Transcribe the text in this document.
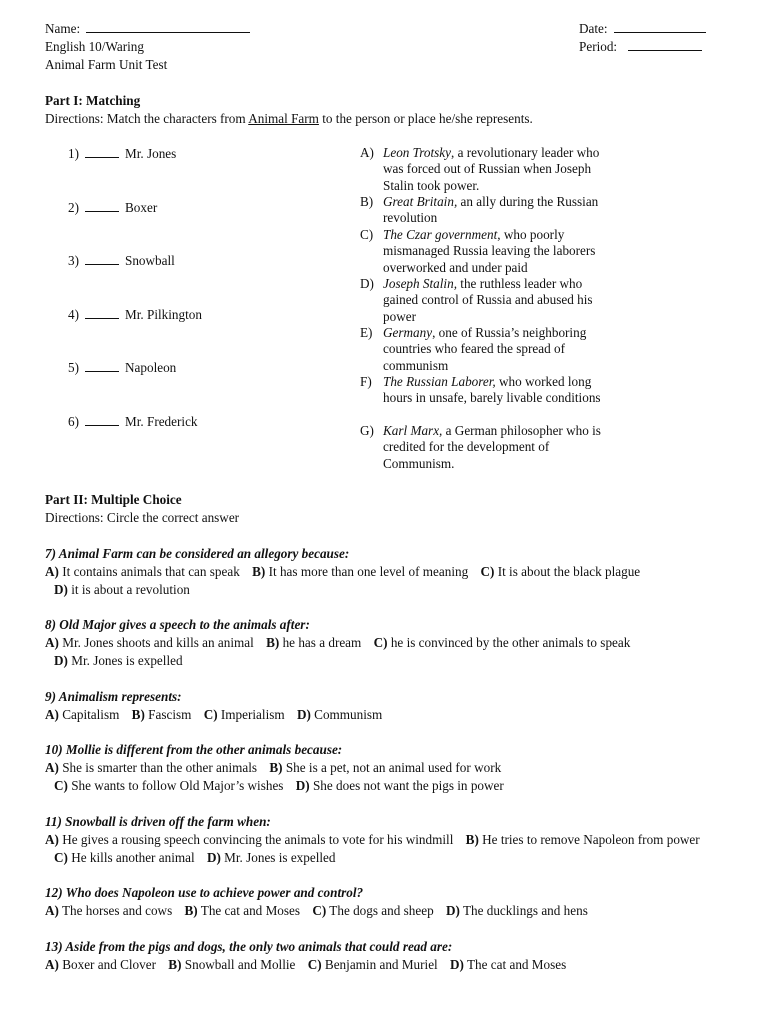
Name:
English 10/Waring
Animal Farm Unit Test
Date:
Period:
Part I: Matching
Directions: Match the characters from Animal Farm to the person or place he/she represents.
1)	Mr. Jones
2)	Boxer
3)	Snowball
4)	Mr. Pilkington
5)	Napoleon
6)	Mr. Frederick
A) Leon Trotsky, a revolutionary leader who was forced out of Russian when Joseph Stalin took power.
B) Great Britain, an ally during the Russian revolution
C) The Czar government, who poorly mismanaged Russia leaving the laborers overworked and under paid
D) Joseph Stalin, the ruthless leader who gained control of Russia and abused his power
E) Germany, one of Russia’s neighboring countries who feared the spread of communism
F) The Russian Laborer, who worked long hours in unsafe, barely livable conditions
G) Karl Marx, a German philosopher who is credited for the development of Communism.
Part II: Multiple Choice
Directions: Circle the correct answer
7) Animal Farm can be considered an allegory because:
A) It contains animals that can speak B) It has more than one level of meaning C) It is about the black plague D) it is about a revolution
8) Old Major gives a speech to the animals after:
A) Mr. Jones shoots and kills an animal B) he has a dream C) he is convinced by the other animals to speak D) Mr. Jones is expelled
9) Animalism represents:
A) Capitalism B) Fascism C) Imperialism D) Communism
10) Mollie is different from the other animals because:
A) She is smarter than the other animals B) She is a pet, not an animal used for work C) She wants to follow Old Major’s wishes D) She does not want the pigs in power
11) Snowball is driven off the farm when:
A) He gives a rousing speech convincing the animals to vote for his windmill B) He tries to remove Napoleon from power C) He kills another animal D) Mr. Jones is expelled
12) Who does Napoleon use to achieve power and control?
A) The horses and cows B) The cat and Moses C) The dogs and sheep D) The ducklings and hens
13) Aside from the pigs and dogs, the only two animals that could read are:
A) Boxer and Clover B) Snowball and Mollie C) Benjamin and Muriel D) The cat and Moses
